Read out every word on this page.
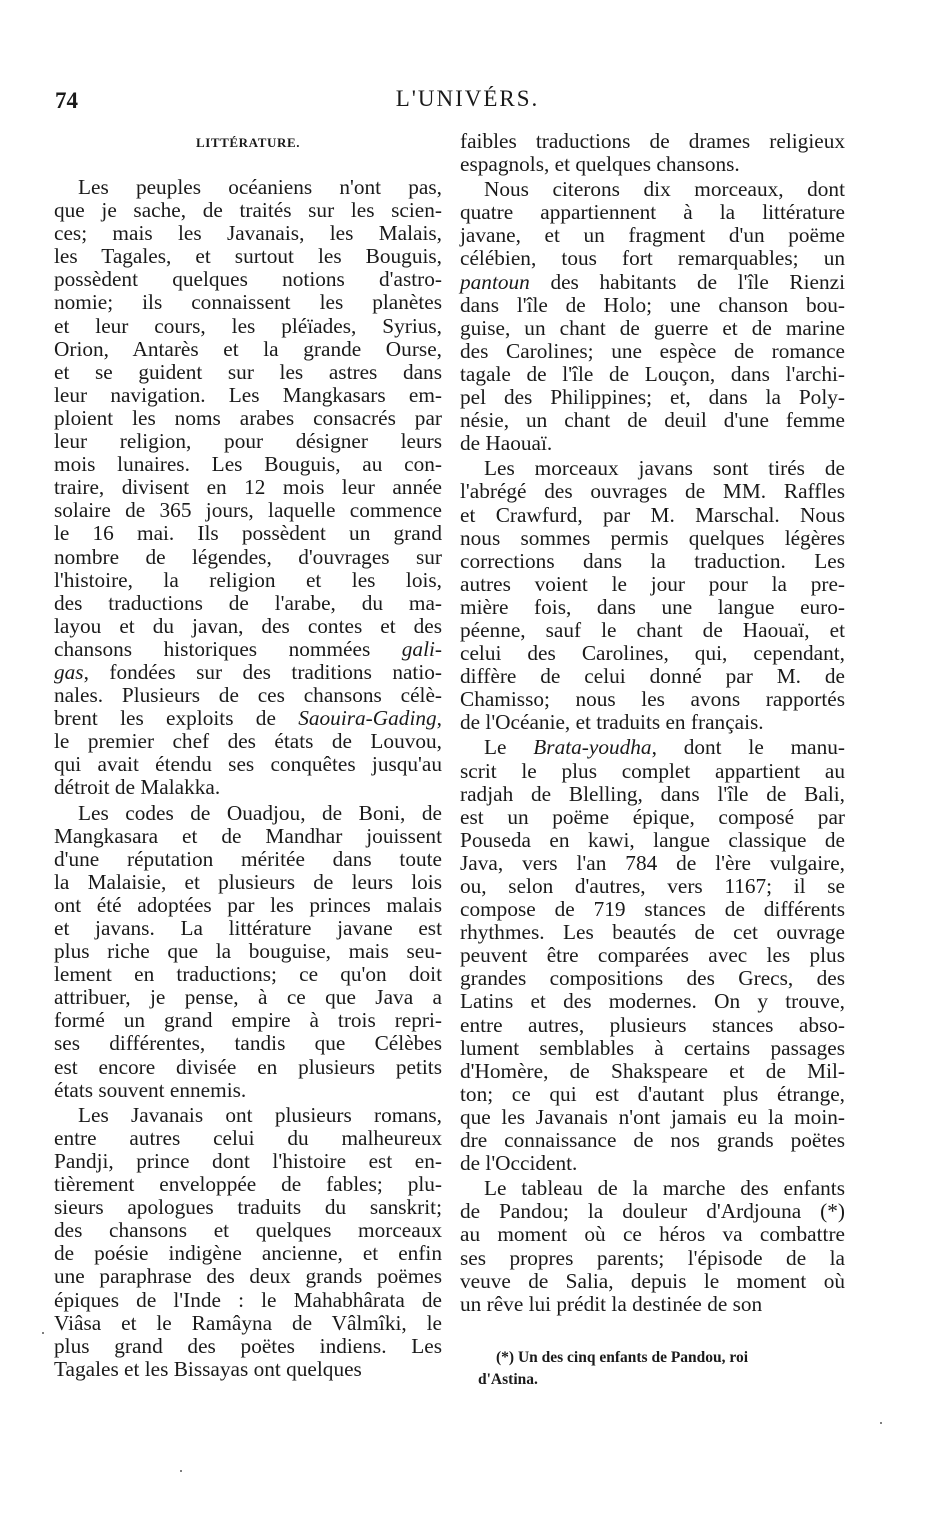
74	L'UNIVÉRS.
LITTÉRATURE.
Les peuples océaniens n'ont pas,
que je sache, de traités sur les scien-
ces; mais les Javanais, les Malais,
les Tagales, et surtout les Bouguis,
possèdent quelques notions d'astro-
nomie; ils connaissent les planètes
et leur cours, les pléïades, Syrius,
Orion, Antarès et la grande Ourse,
et se guident sur les astres dans
leur navigation. Les Mangkasars em-
ploient les noms arabes consacrés par
leur religion, pour désigner leurs
mois lunaires. Les Bouguis, au con-
traire, divisent en 12 mois leur année
solaire de 365 jours, laquelle commence
le 16 mai. Ils possèdent un grand
nombre de légendes, d'ouvrages sur
l'histoire, la religion et les lois,
des traductions de l'arabe, du ma-
layou et du javan, des contes et des
chansons historiques nommées gali-
gas, fondées sur des traditions natio-
nales. Plusieurs de ces chansons célè-
brent les exploits de Saouira-Gading,
le premier chef des états de Louvou,
qui avait étendu ses conquêtes jusqu'au
détroit de Malakka.
Les codes de Ouadjou, de Boni, de
Mangkasara et de Mandhar jouissent
d'une réputation méritée dans toute
la Malaisie, et plusieurs de leurs lois
ont été adoptées par les princes malais
et javans. La littérature javane est
plus riche que la bouguise, mais seu-
lement en traductions; ce qu'on doit
attribuer, je pense, à ce que Java a
formé un grand empire à trois repri-
ses différentes, tandis que Célèbes
est encore divisée en plusieurs petits
états souvent ennemis.
Les Javanais ont plusieurs romans,
entre autres celui du malheureux
Pandji, prince dont l'histoire est en-
tièrement enveloppée de fables; plu-
sieurs apologues traduits du sanskrit;
des chansons et quelques morceaux
de poésie indigène ancienne, et enfin
une paraphrase des deux grands poëmes
épiques de l'Inde : le Mahabhârata de
Viâsa et le Ramâyna de Vâlmîki, le
plus grand des poëtes indiens. Les
Tagales et les Bissayas ont quelques
faibles traductions de drames religieux
espagnols, et quelques chansons.
Nous citerons dix morceaux, dont
quatre appartiennent à la littérature
javane, et un fragment d'un poëme
célébien, tous fort remarquables; un
pantoun des habitants de l'île Rienzi
dans l'île de Holo; une chanson bou-
guise, un chant de guerre et de marine
des Carolines; une espèce de romance
tagale de l'île de Louçon, dans l'archi-
pel des Philippines; et, dans la Poly-
nésie, un chant de deuil d'une femme
de Haouaï.
Les morceaux javans sont tirés de
l'abrégé des ouvrages de MM. Raffles
et Crawfurd, par M. Marschal. Nous
nous sommes permis quelques légères
corrections dans la traduction. Les
autres voient le jour pour la pre-
mière fois, dans une langue euro-
péenne, sauf le chant de Haouaï, et
celui des Carolines, qui, cependant,
diffère de celui donné par M. de
Chamisso; nous les avons rapportés
de l'Océanie, et traduits en français.
Le Brata-youdha, dont le manu-
scrit le plus complet appartient au
radjah de Blelling, dans l'île de Bali,
est un poëme épique, composé par
Pouseda en kawi, langue classique de
Java, vers l'an 784 de l'ère vulgaire,
ou, selon d'autres, vers 1167; il se
compose de 719 stances de différents
rhythmes. Les beautés de cet ouvrage
peuvent être comparées avec les plus
grandes compositions des Grecs, des
Latins et des modernes. On y trouve,
entre autres, plusieurs stances abso-
lument semblables à certains passages
d'Homère, de Shakspeare et de Mil-
ton; ce qui est d'autant plus étrange,
que les Javanais n'ont jamais eu la moin-
dre connaissance de nos grands poëtes
de l'Occident.
Le tableau de la marche des enfants
de Pandou; la douleur d'Ardjouna (*)
au moment où ce héros va combattre
ses propres parents; l'épisode de la
veuve de Salia, depuis le moment où
un rêve lui prédit la destinée de son
(*) Un des cinq enfants de Pandou, roi
d'Astina.
